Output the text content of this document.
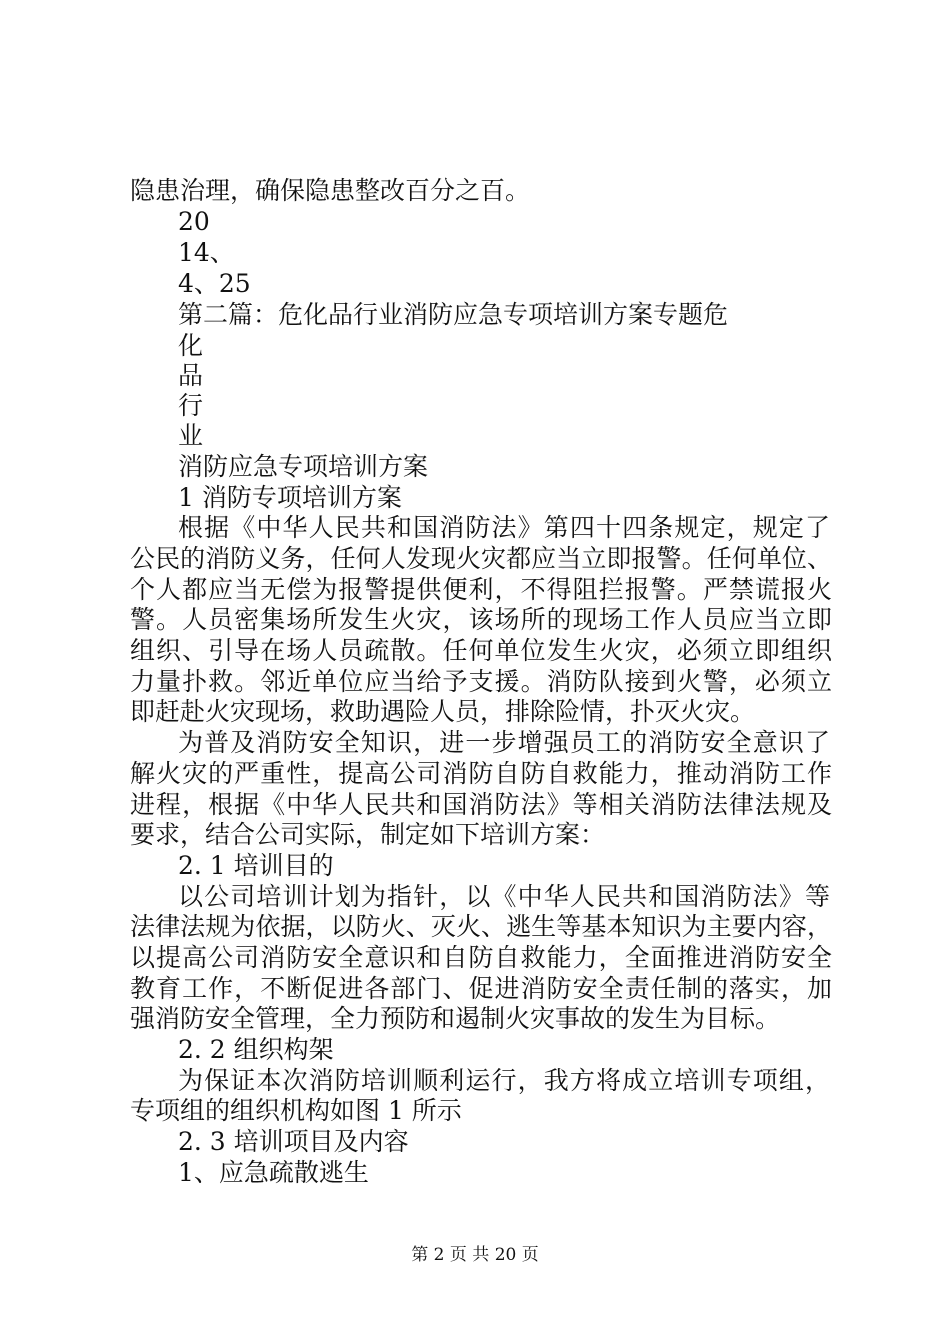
隐患治理，确保隐患整改百分之百。
20
14、
4、25
第二篇：危化品行业消防应急专项培训方案专题危
化
品
行
业
消防应急专项培训方案
1 消防专项培训方案
根据《中华人民共和国消防法》第四十四条规定，规定了
公民的消防义务，任何人发现火灾都应当立即报警。任何单位、
个人都应当无偿为报警提供便利，不得阻拦报警。严禁谎报火
警。人员密集场所发生火灾，该场所的现场工作人员应当立即
组织、引导在场人员疏散。任何单位发生火灾，必须立即组织
力量扑救。邻近单位应当给予支援。消防队接到火警，必须立
即赶赴火灾现场，救助遇险人员，排除险情，扑灭火灾。
为普及消防安全知识，进一步增强员工的消防安全意识了
解火灾的严重性，提高公司消防自防自救能力，推动消防工作
进程，根据《中华人民共和国消防法》等相关消防法律法规及
要求，结合公司实际，制定如下培训方案：
2. 1 培训目的
以公司培训计划为指针，以《中华人民共和国消防法》等
法律法规为依据，以防火、灭火、逃生等基本知识为主要内容，
以提高公司消防安全意识和自防自救能力，全面推进消防安全
教育工作，不断促进各部门、促进消防安全责任制的落实，加
强消防安全管理，全力预防和遏制火灾事故的发生为目标。
2. 2 组织构架
为保证本次消防培训顺利运行，我方将成立培训专项组，
专项组的组织机构如图 1 所示
2. 3 培训项目及内容
1、应急疏散逃生
第 2 页 共 20 页
